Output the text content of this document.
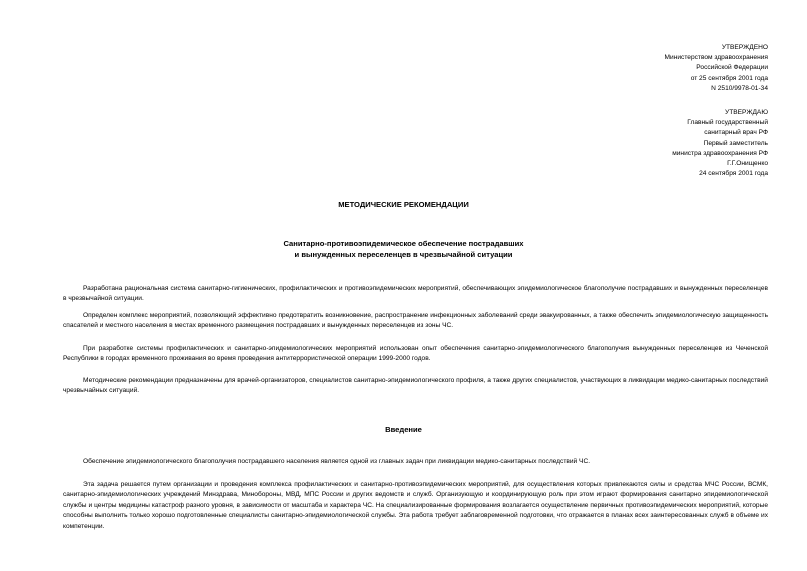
УТВЕРЖДЕНО
Министерством здравоохранения
Российской Федерации
от 25 сентября 2001 года
N 2510/9978-01-34
УТВЕРЖДАЮ
Главный государственный
санитарный врач РФ
Первый заместитель
министра здравоохранения РФ
Г.Г.Онищенко
24 сентября 2001 года
МЕТОДИЧЕСКИЕ РЕКОМЕНДАЦИИ
Санитарно-противоэпидемическое обеспечение пострадавших
и вынужденных переселенцев в чрезвычайной ситуации

Разработана рациональная система санитарно-гигиенических, профилактических и противоэпидемических мероприятий, обеспечивающих эпидемиологическое благополучие пострадавших и вынужденных переселенцев в чрезвычайной ситуации.

Определен комплекс мероприятий, позволяющий эффективно предотвратить возникновение, распространение инфекционных заболеваний среди эвакуированных, а также обеспечить эпидемиологическую защищенность спасателей и местного населения в местах временного размещения пострадавших и вынужденных переселенцев из зоны ЧС.

При разработке системы профилактических и санитарно-эпидемиологических мероприятий использован опыт обеспечения санитарно-эпидемиологического благополучия вынужденных переселенцев из Чеченской Республики в городах временного проживания во время проведения антитеррористической операции 1999-2000 годов.

Методические рекомендации предназначены для врачей-организаторов, специалистов санитарно-эпидемиологического профиля, а также других специалистов, участвующих в ликвидации медико-санитарных последствий чрезвычайных ситуаций.

Введение

Обеспечение эпидемиологического благополучия пострадавшего населения является одной из главных задач при ликвидации медико-санитарных последствий ЧС.

Эта задача решается путем организации и проведения комплекса профилактических и санитарно-противоэпидемических мероприятий, для осуществления которых привлекаются силы и средства МЧС России, ВСМК, санитарно-эпидемиологических учреждений Минздрава, Минобороны, МВД, МПС России и других ведомств и служб. Организующую и координирующую роль при этом играют формирования санитарно эпидемиологической службы и центры медицины катастроф разного уровня, в зависимости от масштаба и характера ЧС. На специализированные формирования возлагается осуществление первичных противоэпидемических мероприятий, которые способны выполнить только хорошо подготовленные специалисты санитарно-эпидемиологической службы. Эта работа требует заблаговременной подготовки, что отражается в планах всех заинтересованных служб в объеме их компетенции.
